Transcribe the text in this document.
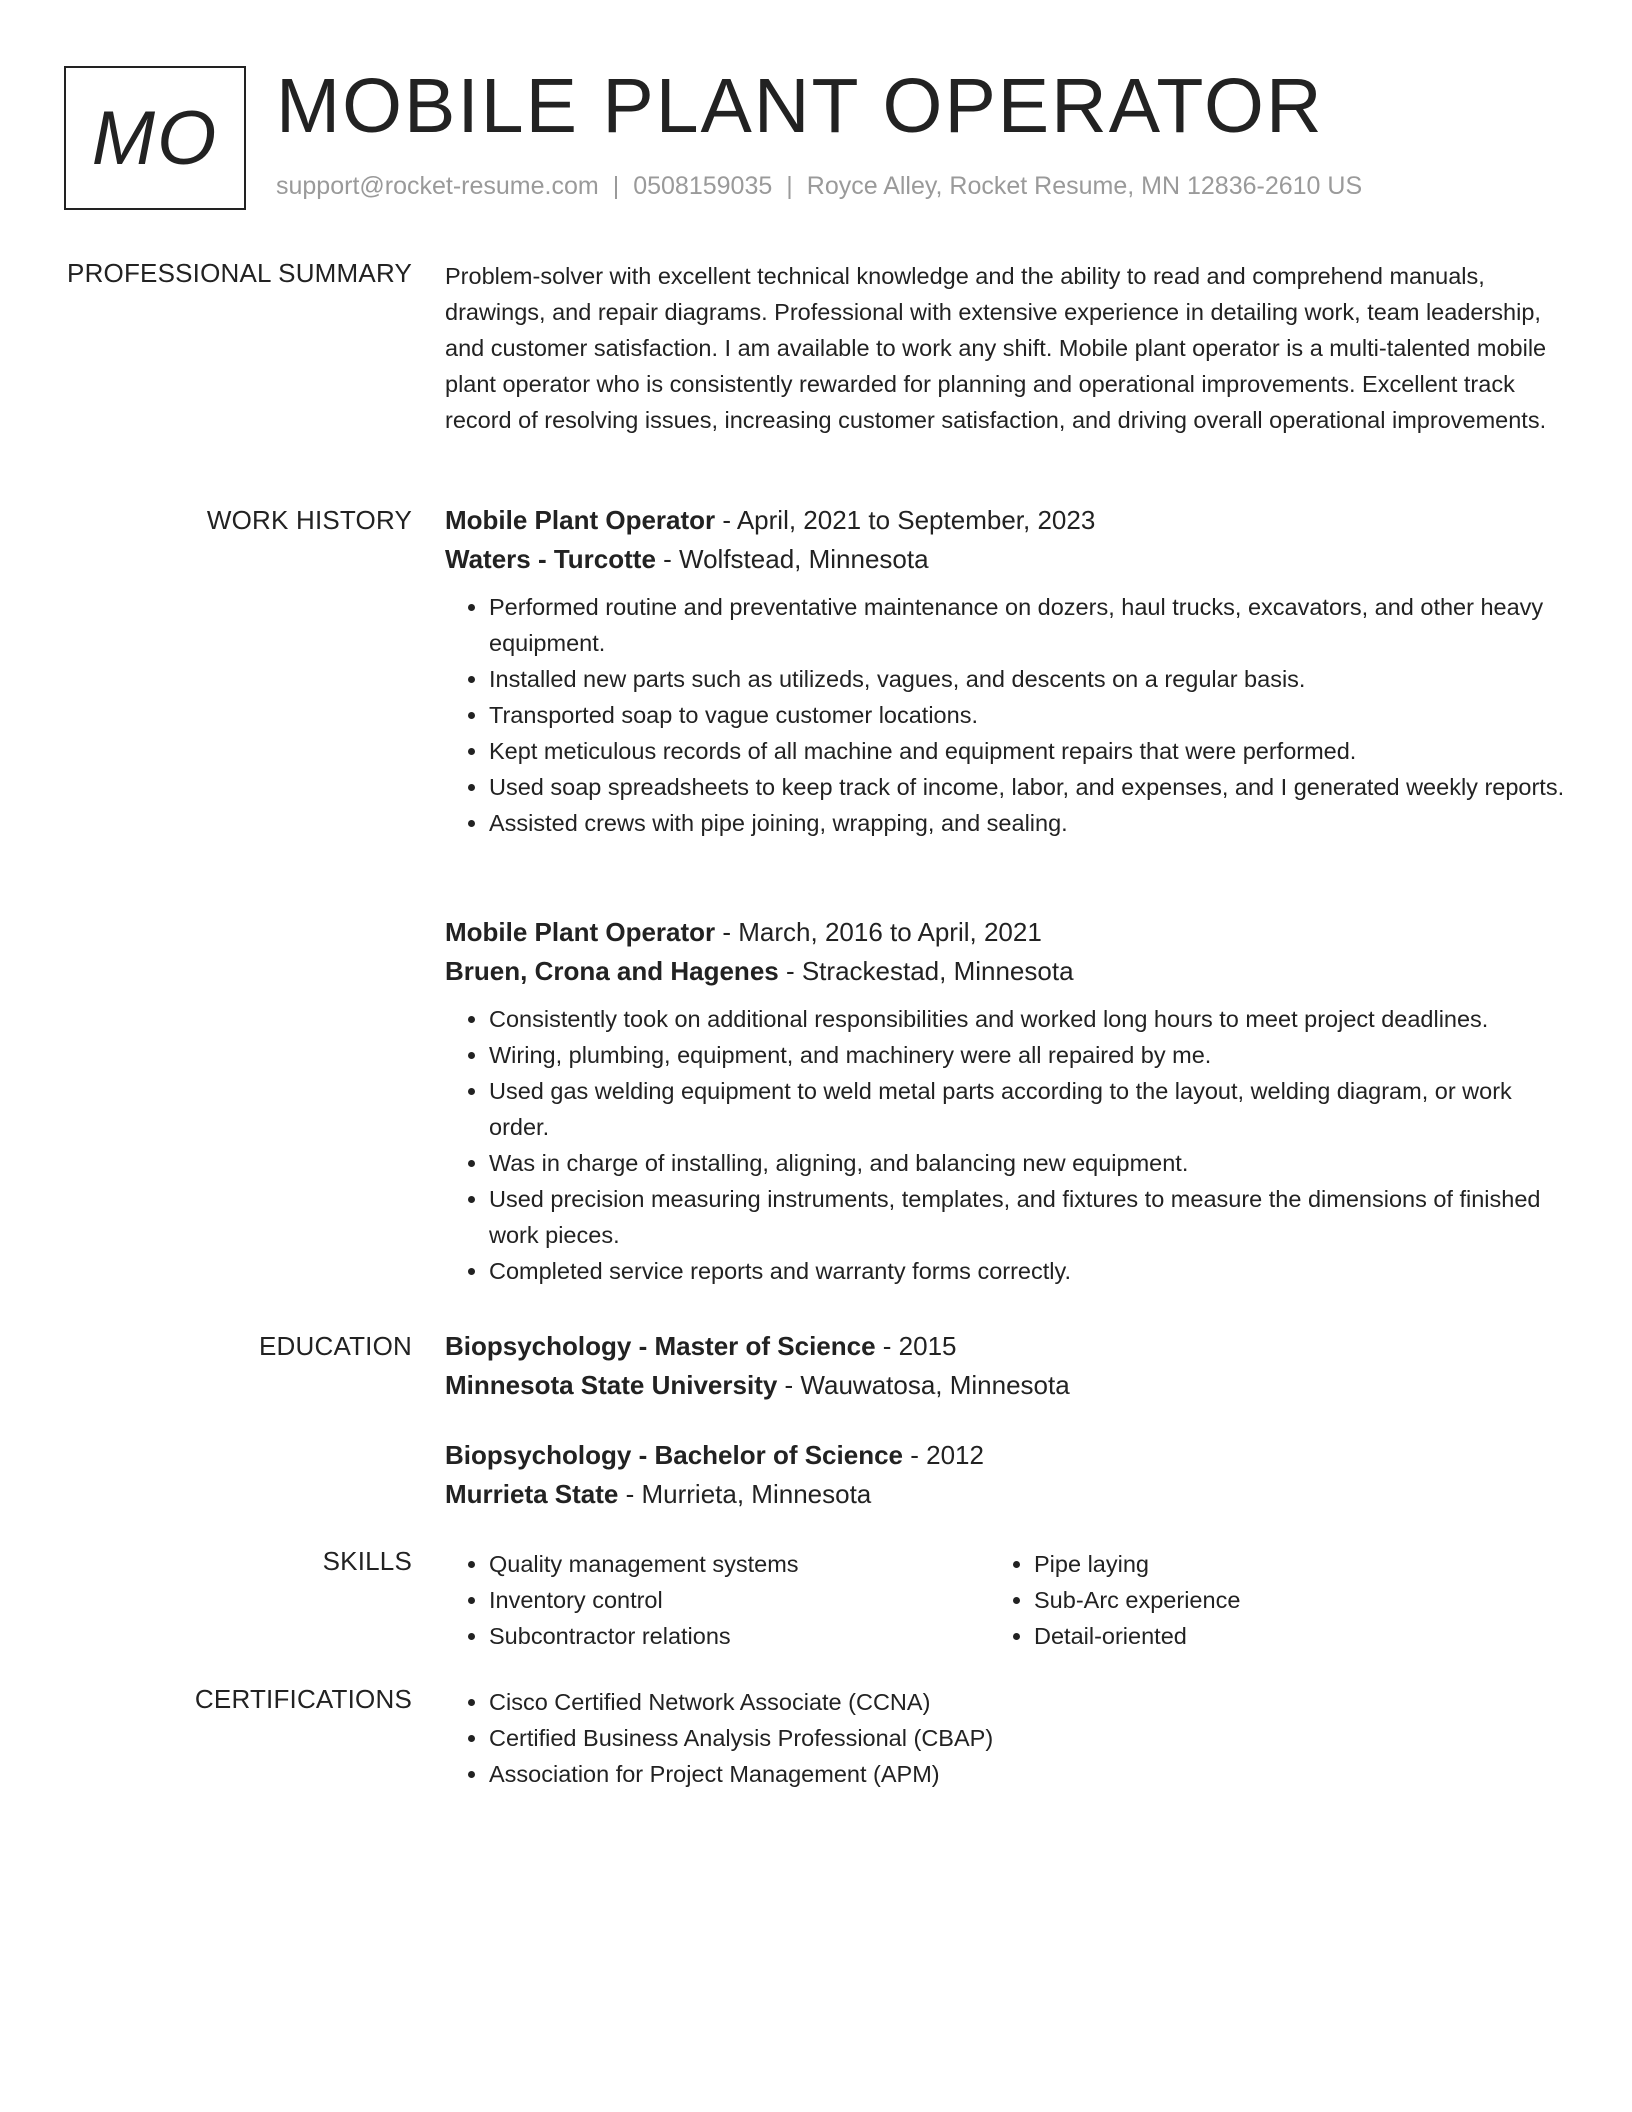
MO MOBILE PLANT OPERATOR
support@rocket-resume.com | 0508159035 | Royce Alley, Rocket Resume, MN 12836-2610 US
PROFESSIONAL SUMMARY Problem-solver with excellent technical knowledge and the ability to read and comprehend manuals, drawings, and repair diagrams. Professional with extensive experience in detailing work, team leadership, and customer satisfaction. I am available to work any shift. Mobile plant operator is a multi-talented mobile plant operator who is consistently rewarded for planning and operational improvements. Excellent track record of resolving issues, increasing customer satisfaction, and driving overall operational improvements.

WORK HISTORY Mobile Plant Operator - April, 2021 to September, 2023
Waters - Turcotte - Wolfstead, Minnesota
• Performed routine and preventative maintenance on dozers, haul trucks, excavators, and other heavy equipment.
• Installed new parts such as utilizeds, vagues, and descents on a regular basis.
• Transported soap to vague customer locations.
• Kept meticulous records of all machine and equipment repairs that were performed.
• Used soap spreadsheets to keep track of income, labor, and expenses, and I generated weekly reports.
• Assisted crews with pipe joining, wrapping, and sealing.
Mobile Plant Operator - March, 2016 to April, 2021
Bruen, Crona and Hagenes - Strackestad, Minnesota
• Consistently took on additional responsibilities and worked long hours to meet project deadlines.
• Wiring, plumbing, equipment, and machinery were all repaired by me.
• Used gas welding equipment to weld metal parts according to the layout, welding diagram, or work order.
• Was in charge of installing, aligning, and balancing new equipment.
• Used precision measuring instruments, templates, and fixtures to measure the dimensions of finished work pieces.
• Completed service reports and warranty forms correctly.
EDUCATION Biopsychology - Master of Science - 2015
Minnesota State University - Wauwatosa, Minnesota
Biopsychology - Bachelor of Science - 2012
Murrieta State - Murrieta, Minnesota
SKILLS	• Quality management systems
• Inventory control
• Subcontractor relations
• Pipe laying
• Sub-Arc experience
• Detail-oriented
CERTIFICATIONS	• Cisco Certified Network Associate (CCNA)
• Certified Business Analysis Professional (CBAP)
• Association for Project Management (APM)
